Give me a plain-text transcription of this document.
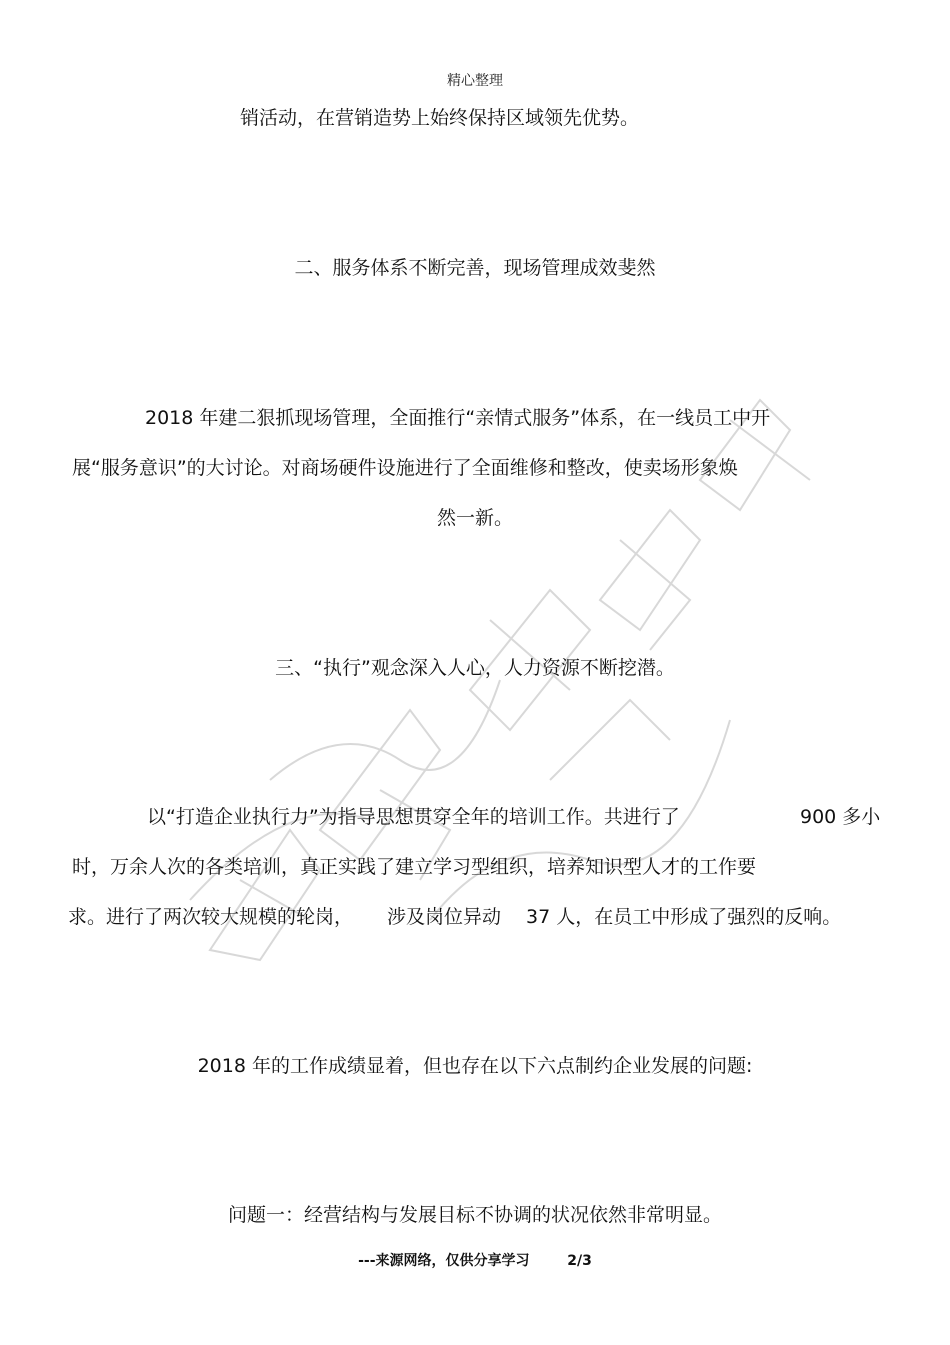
精心整理
销活动，在营销造势上始终保持区域领先优势。
二、服务体系不断完善，现场管理成效斐然
2018 年建二狠抓现场管理，全面推行“亲情式服务”体系，在一线员工中开
展“服务意识”的大讨论。对商场硬件设施进行了全面维修和整改，使卖场形象焕
然一新。
三、“执行”观念深入人心，人力资源不断挖潜。
以“打造企业执行力”为指导思想贯穿全年的培训工作。共进行了	900 多小
时，万余人次的各类培训，真正实践了建立学习型组织，培养知识型人才的工作要
求。进行了两次较大规模的轮岗， 涉及岗位异动 37 人，在员工中形成了强烈的反响。
2018 年的工作成绩显着，但也存在以下六点制约企业发展的问题:
问题一：经营结构与发展目标不协调的状况依然非常明显。
---来源网络，仅供分享学习	2/3
